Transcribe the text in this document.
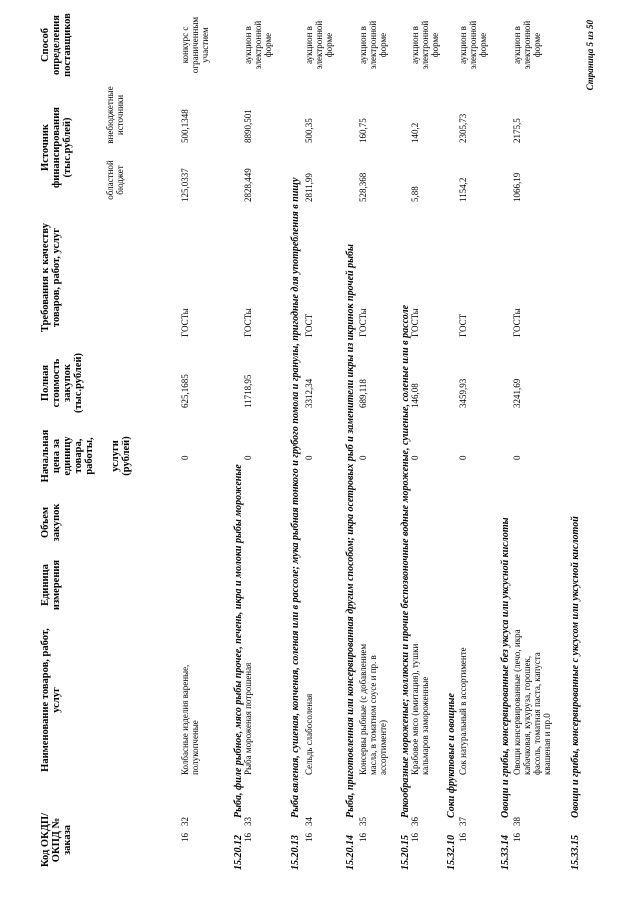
Код ОКДП/ ОКПД № заказа
Наименование товаров, работ, услуг
Единица измерения
Объем закупок
Начальная цена за единицу товара, работы, услуги (рублей)
Полная стоимость закупок (тыс.рублей)
Требования к качеству товаров, работ, услуг
Источник финансирования (тыс.рублей)
областной бюджет
внебюджетные источники
Способ определения поставщиков
16
32
Колбасные изделия вареные, полукопченые
0
625,1685
ГОСТы
125,0337
500,1348
конкурс с ограниченным участием
15.20.12
Рыба, филе рыбное, мясо рыбы прочее, печень, икра и молоки рыбы мороженые
16
33
Рыба мороженая потрошеная
0
11718,95
ГОСТы
2828,449
8890,501
аукцион в электронной форме
15.20.13
Рыба вяленая, сушеная, копченая, соленая или в рассоле; мука рыбная тонкого и грубого помола и гранулы, пригодные для употребления в пищу
16
34
Сельдь слабосоленая
0
3312,34
ГОСТ
2811,99
500,35
аукцион в электронной форме
15.20.14
Рыба, приготовленная или консервированная другим способом; икра осетровых рыб и заменители икры из икринок прочей рыбы
16
35
Консервы рыбные (с добавлением масла, в томатном соусе и пр. в ассортименте)
0
689,118
ГОСТы
528,368
160,75
аукцион в электронной форме
15.20.15
Ракообразные мороженые; моллюски и прочие беспозвоночные водные мороженые, сушеные, соленые или в рассоле
16
36
Крабовое мясо (имитация), тушки кальмаров замороженные
0
146,08
ГОСТы
5,88
140,2
аукцион в электронной форме
15.32.10
Соки фруктовые и овощные
16
37
Сок натуральный в ассортименте
0
3459,93
ГОСТ
1154,2
2305,73
аукцион в электронной форме
15.33.14
Овощи и грибы, консервированные без уксуса или уксусной кислоты
16
38
Овощи консервированные (лечо, икра кабачковая, кукуруза, горошек, фасоль, томатная паста, капуста квашеная и пр.0
0
3241,69
ГОСТы
1066,19
2175,5
аукцион в электронной форме
15.33.15
Овощи и грибы, консервированные с уксусом или уксусной кислотой
Страница 5 из 50
